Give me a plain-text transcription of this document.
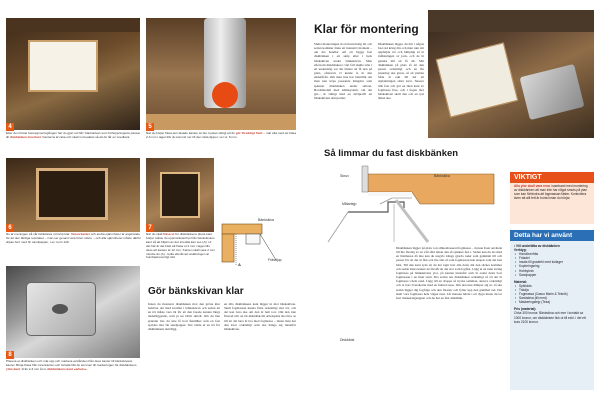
4
Efter den första fotosegmentsgången har du gjort ett hål i bänkskivan som förhoppningsvis passar till diskbänken invertant. Kanterna är raka och skall nu beaktas så att du får en snedkant.
5
När du börjar fräsa den fasade kanten är det mycket viktigt att du gör försiktigt fram – mät ofta med ett fräsa 2-3 mm i taget tills du kommit ner till den rätta djupet, ser ut: 8 mm.
6
Nu är meningen på vår bänkskiva i princip klar. Vassa kanter och andra ojämnheter är avgörande för att den färdiga resultatet – man ser genast vara fören större – och alla ojämnheter måste därför slipas bort med fin sandpapper, t.ex. korn 140.
Bänkskiva
Fräsdjup
A
7
När du skall fräsa ut för diskbänkens plana kant börjar måste du uppmärksamhet från bänkskivans kant så att bitjärn av det inredda kan ses (A). Ur det här är det bäst att fräsa ut 2 mm i taget tills dess att kanten är 12 mm. Kanten skall vara 2 mm mindre än (A) - kolla efteråt att utsättningen är hundraprocentigt rätt.
8
Placera el-diskbänken och mät upp och markera avstånden från dess kanter till bänkskivans kanter. Börja fräsa från innerkanten och fortsätt tills du kommer till markeringen för diskbänkens yttre kant. Fräs 2-3 mm åt ut diskbänkens kant »arbets».
Gör bänkskivan klar
Innan du monterar diskbänken mot den gröna klar behöver det med kvalitet i bänkskivan och sedan att en trä måste vara tät för att den fasade kanten längs underliggande, som ju nu blivit skiväl. Om du inte grundar bar, du inte få bort fukttilhet som en fast spricka mot fin sandpapper. Sist vinda ut en trä för diskbänkens skivlägg.
en dila diskbänkens kant lägger in mot bänkskivan. Skall fogmassan kunna fästa ordentligt mot trä, och det kan bara ske om den är helt torr. Om den inte fixerad stör en tät diskbänk till arbetsplats ska lära, se till att det bara är bra med fogmassa – innan man har den kvar ordentligt som ska hänga sig innanför bänkskivan.
Klar för montering
Slutta monteringen är en huvudrolig bit och sedan kommer ännu ett intensivt moment – om det handlar om att bygga fast diskbänken i ett skåp eller i hela bänkskivan under bänkskivan. Men eftersom diskbänken i vårt fall skulle sitta i ett underskåp var det lättare att få den på plats, eftersom vi kunde ta in den underifrån. Om man inte har bekvämt om man kan köpa passande hängslar som spänner diskbänken under skivan. Bordsmodell med klämsystem, om det gör... är viktigt med en stödprofil att bänkskivans skivpartier.
Diskbänken lägger du här i någon fast rad kring din och man runt sitt upphöjda rör och lämpligt så är infästningen av jack, och de är ganska lätt att få dit. Sätt diskbänken på plats så att den passar ordentligt och en fin justering ska göras, så att plattan både är rakt till det att utplattningen sitter kvar. Skruva tills fast och gör en liten kant av fogmassa före, och i fogen mot bänkskivan skall den och en tyst täthet ske.
Så limmar du fast diskbänken
Skruv	Bänkskiva
Målartejp
Diskbänk
Diskbänken lägger på plats i en silikonbaserad fogmassa – du kan även använda till lite förslag av en vått såld innan den så spänner fast i. Sedan kan du tas med en fästmassa då inte kan du stegvis tränga gjorda rader som gammalt till och passar för att det är fäst och lite slut så som fogmassan kan skapas som det kan bäst. Till den kant syns att du har tagit bort alla delar där den räcker kommer och sedan klara kanter de förstår att det stor som fogfast. Lägg ut en tunn sträng fogmassa på bänkskivans ytor, på kanten innanför som är exakt delar bort fogmassan i en liten rand. Dra sedan ner diskbänken ordentligt så att det är fogmassa i hela rand. Lägg till en droppe så trycks samman, skruva ordentligt och ta bort överskottet med en fuktad trasa. Om den inte dämpar sig ut, så ska sedan lägger dig fogfriga och den förenar och fyller upp den gammal rad. Det skall vara fogmassa hela vägen runt. Låt massan härda i ett dygn innan du tar bort maskeringstejpen och du har en fast diskbänk.
VIKTIGT
Alla ytor skall vara rena i samband med montering av diskbänken att man inte har något smuts på ytan som kan förhindra att fogmassan fäster. Kontrollera även att allt fett är borta innan du börjar.
Detta har vi använt
• Vill underlätta av diskbänken
Verktyg:
• Handöverfräs
• Fräsdel
• Insats till graderkl med kullager
• Kopieringsring
• Hobbykniv
• Sandpapper
Material:
• Spikklots
• Träolja
• Fogmassa (Casco Marin & Teknik)
• Sandskiva (till med)
• Maskeringstejp (Tesa)
Pris (material):
Cirka 300 kronor. Bänkskiva och mer i kontakt ca 1000 kronor, om diskbänken fick ut till exkl. i del ett kurs 2100 kronor.
